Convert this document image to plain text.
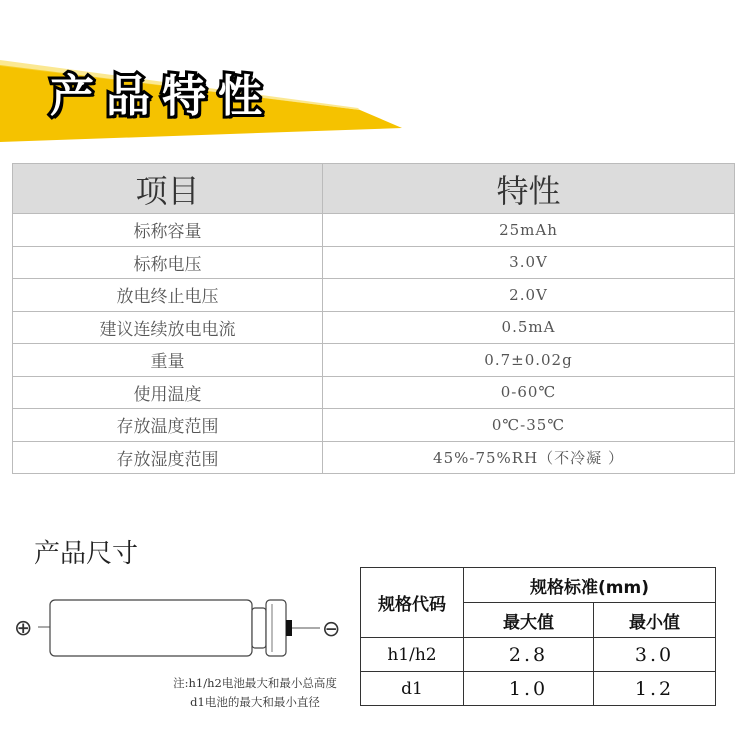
产品特性
项目	特性
标称容量	25mAh
标称电压	3.0V
放电终止电压	2.0V
建议连续放电电流	0.5mA
重量	0.7±0.02g
使用温度	0-60℃
存放温度范围	0℃-35℃
存放湿度范围	45%-75%RH（不冷凝 ）
产品尺寸
⊕	⊖
注:h1/h2电池最大和最小总高度
d1电池的最大和最小直径
规格代码	规格标准(mm)	
	最大值	最小值
h1/h2	2.8	3.0
d1	1.0	1.2
